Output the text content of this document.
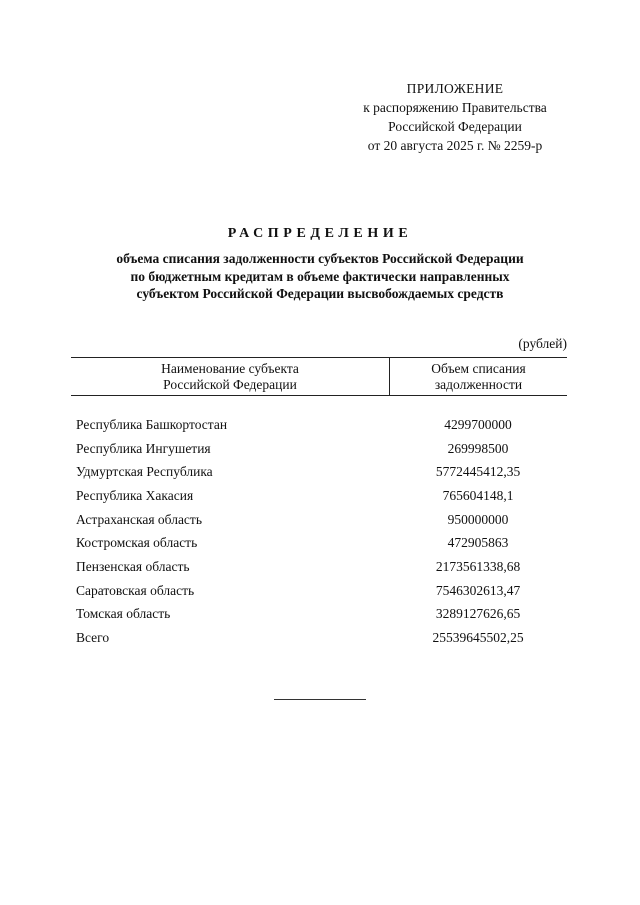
ПРИЛОЖЕНИЕ
к распоряжению Правительства
Российской Федерации
от 20 августа 2025 г. № 2259-р
РАСПРЕДЕЛЕНИЕ
объема списания задолженности субъектов Российской Федерации
по бюджетным кредитам в объеме фактически направленных
субъектом Российской Федерации высвобождаемых средств
(рублей)
Наименование субъекта
Российской Федерации
Объем списания
задолженности
Республика Башкортостан	4299700000
Республика Ингушетия	269998500
Удмуртская Республика	5772445412,35
Республика Хакасия	765604148,1
Астраханская область	950000000
Костромская область	472905863
Пензенская область	2173561338,68
Саратовская область	7546302613,47
Томская область	3289127626,65
Всего	25539645502,25
